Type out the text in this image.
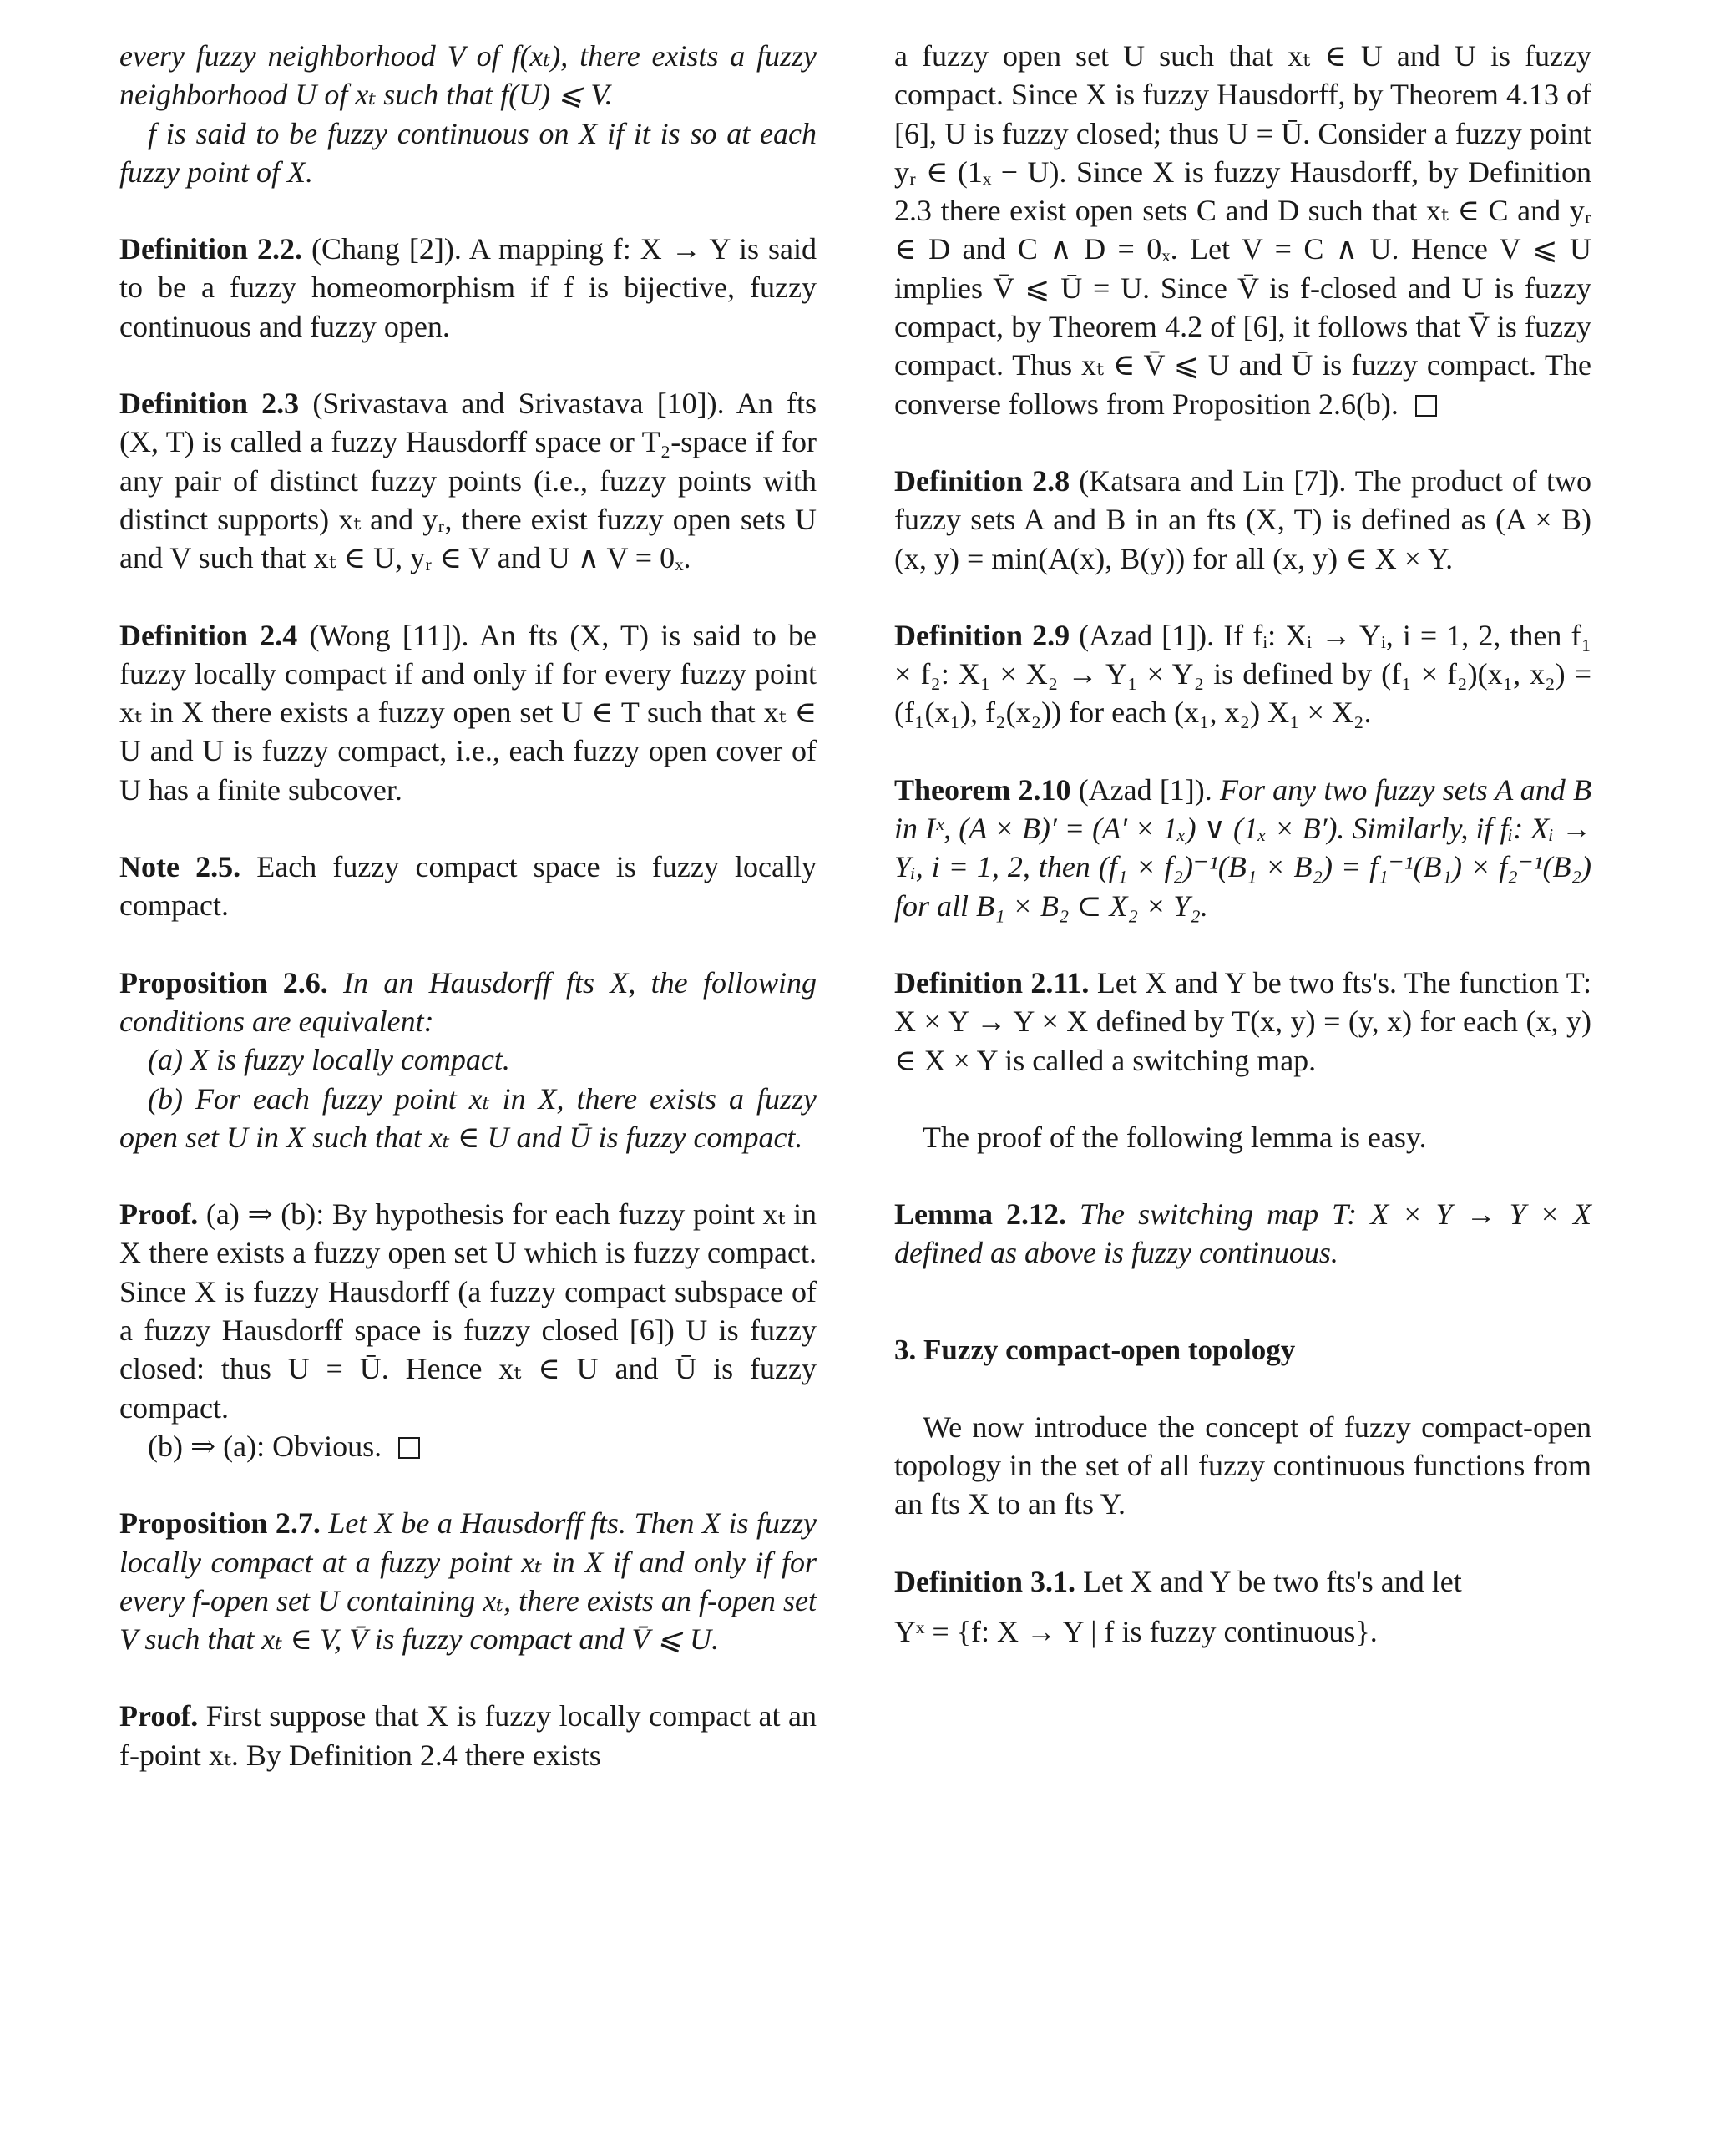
every fuzzy neighborhood V of f(xₜ), there exists a fuzzy neighborhood U of xₜ such that f(U) ⩽ V.

f is said to be fuzzy continuous on X if it is so at each fuzzy point of X.

Definition 2.2. (Chang [2]). A mapping f: X → Y is said to be a fuzzy homeomorphism if f is bijective, fuzzy continuous and fuzzy open.

Definition 2.3 (Srivastava and Srivastava [10]). An fts (X, T) is called a fuzzy Hausdorff space or T₂-space if for any pair of distinct fuzzy points (i.e., fuzzy points with distinct supports) xₜ and yᵣ, there exist fuzzy open sets U and V such that xₜ ∈ U, yᵣ ∈ V and U ∧ V = 0ₓ.

Definition 2.4 (Wong [11]). An fts (X, T) is said to be fuzzy locally compact if and only if for every fuzzy point xₜ in X there exists a fuzzy open set U ∈ T such that xₜ ∈ U and U is fuzzy compact, i.e., each fuzzy open cover of U has a finite subcover.

Note 2.5. Each fuzzy compact space is fuzzy locally compact.

Proposition 2.6. In an Hausdorff fts X, the following conditions are equivalent:

(a) X is fuzzy locally compact.

(b) For each fuzzy point xₜ in X, there exists a fuzzy open set U in X such that xₜ ∈ U and Ū is fuzzy compact.

Proof. (a) ⇒ (b): By hypothesis for each fuzzy point xₜ in X there exists a fuzzy open set U which is fuzzy compact. Since X is fuzzy Hausdorff (a fuzzy compact subspace of a fuzzy Hausdorff space is fuzzy closed [6]) U is fuzzy closed: thus U = Ū. Hence xₜ ∈ U and Ū is fuzzy compact.

(b) ⇒ (a): Obvious.

Proposition 2.7. Let X be a Hausdorff fts. Then X is fuzzy locally compact at a fuzzy point xₜ in X if and only if for every f-open set U containing xₜ, there exists an f-open set V such that xₜ ∈ V, V̄ is fuzzy compact and V̄ ⩽ U.

Proof. First suppose that X is fuzzy locally compact at an f-point xₜ. By Definition 2.4 there exists

a fuzzy open set U such that xₜ ∈ U and U is fuzzy compact. Since X is fuzzy Hausdorff, by Theorem 4.13 of [6], U is fuzzy closed; thus U = Ū. Consider a fuzzy point yᵣ ∈ (1ₓ − U). Since X is fuzzy Hausdorff, by Definition 2.3 there exist open sets C and D such that xₜ ∈ C and yᵣ ∈ D and C ∧ D = 0ₓ. Let V = C ∧ U. Hence V ⩽ U implies V̄ ⩽ Ū = U. Since V̄ is f-closed and U is fuzzy compact, by Theorem 4.2 of [6], it follows that V̄ is fuzzy compact. Thus xₜ ∈ V̄ ⩽ U and Ū is fuzzy compact. The converse follows from Proposition 2.6(b).

Definition 2.8 (Katsara and Lin [7]). The product of two fuzzy sets A and B in an fts (X, T) is defined as (A × B)(x, y) = min(A(x), B(y)) for all (x, y) ∈ X × Y.

Definition 2.9 (Azad [1]). If fᵢ: Xᵢ → Yᵢ, i = 1, 2, then f₁ × f₂: X₁ × X₂ → Y₁ × Y₂ is defined by (f₁ × f₂)(x₁, x₂) = (f₁(x₁), f₂(x₂)) for each (x₁, x₂) X₁ × X₂.

Theorem 2.10 (Azad [1]). For any two fuzzy sets A and B in Iˣ, (A × B)′ = (A′ × 1ₓ) ∨ (1ₓ × B′). Similarly, if fᵢ: Xᵢ → Yᵢ, i = 1, 2, then (f₁ × f₂)⁻¹(B₁ × B₂) = f₁⁻¹(B₁) × f₂⁻¹(B₂) for all B₁ × B₂ ⊂ X₂ × Y₂.

Definition 2.11. Let X and Y be two fts's. The function T: X × Y → Y × X defined by T(x, y) = (y, x) for each (x, y) ∈ X × Y is called a switching map.

The proof of the following lemma is easy.

Lemma 2.12. The switching map T: X × Y → Y × X defined as above is fuzzy continuous.

3. Fuzzy compact-open topology

We now introduce the concept of fuzzy compact-open topology in the set of all fuzzy continuous functions from an fts X to an fts Y.

Definition 3.1. Let X and Y be two fts's and let

Yˣ = {f: X → Y | f is fuzzy continuous}.
